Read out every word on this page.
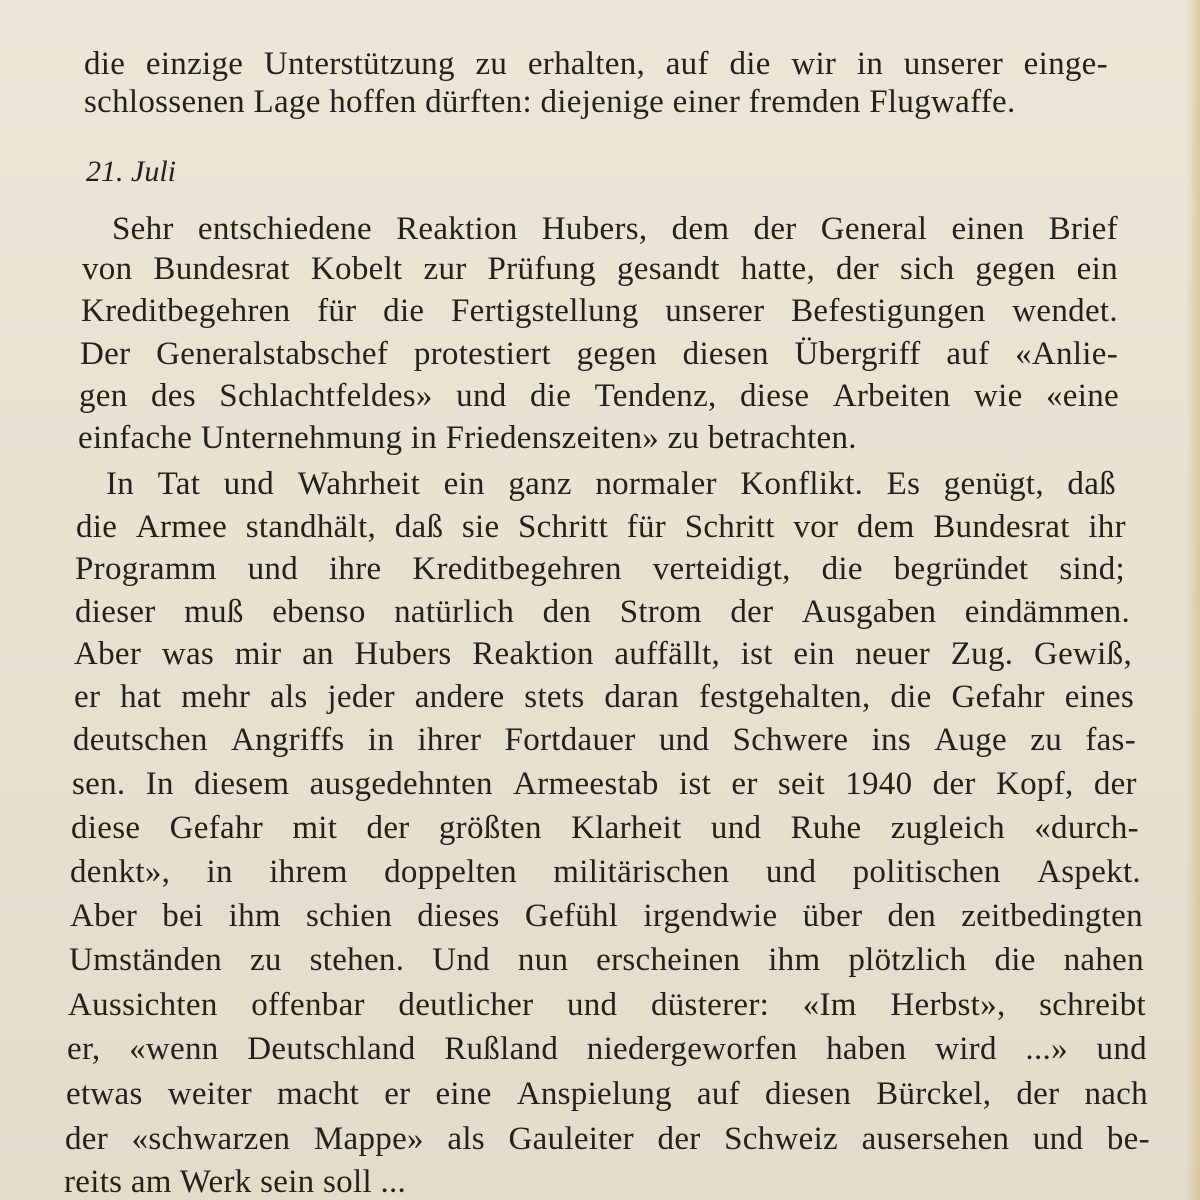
die einzige Unterstützung zu erhalten, auf die wir in unserer einge-
schlossenen Lage hoffen dürften: diejenige einer fremden Flugwaffe.
21. Juli
Sehr entschiedene Reaktion Hubers, dem der General einen Brief
von Bundesrat Kobelt zur Prüfung gesandt hatte, der sich gegen ein
Kreditbegehren für die Fertigstellung unserer Befestigungen wendet.
Der Generalstabschef protestiert gegen diesen Übergriff auf «Anlie-
gen des Schlachtfeldes» und die Tendenz, diese Arbeiten wie «eine
einfache Unternehmung in Friedenszeiten» zu betrachten.
In Tat und Wahrheit ein ganz normaler Konflikt. Es genügt, daß
die Armee standhält, daß sie Schritt für Schritt vor dem Bundesrat ihr
Programm und ihre Kreditbegehren verteidigt, die begründet sind;
dieser muß ebenso natürlich den Strom der Ausgaben eindämmen.
Aber was mir an Hubers Reaktion auffällt, ist ein neuer Zug. Gewiß,
er hat mehr als jeder andere stets daran festgehalten, die Gefahr eines
deutschen Angriffs in ihrer Fortdauer und Schwere ins Auge zu fas-
sen. In diesem ausgedehnten Armeestab ist er seit 1940 der Kopf, der
diese Gefahr mit der größten Klarheit und Ruhe zugleich «durch-
denkt», in ihrem doppelten militärischen und politischen Aspekt.
Aber bei ihm schien dieses Gefühl irgendwie über den zeitbedingten
Umständen zu stehen. Und nun erscheinen ihm plötzlich die nahen
Aussichten offenbar deutlicher und düsterer: «Im Herbst», schreibt
er, «wenn Deutschland Rußland niedergeworfen haben wird ...» und
etwas weiter macht er eine Anspielung auf diesen Bürckel, der nach
der «schwarzen Mappe» als Gauleiter der Schweiz ausersehen und be-
reits am Werk sein soll ...
